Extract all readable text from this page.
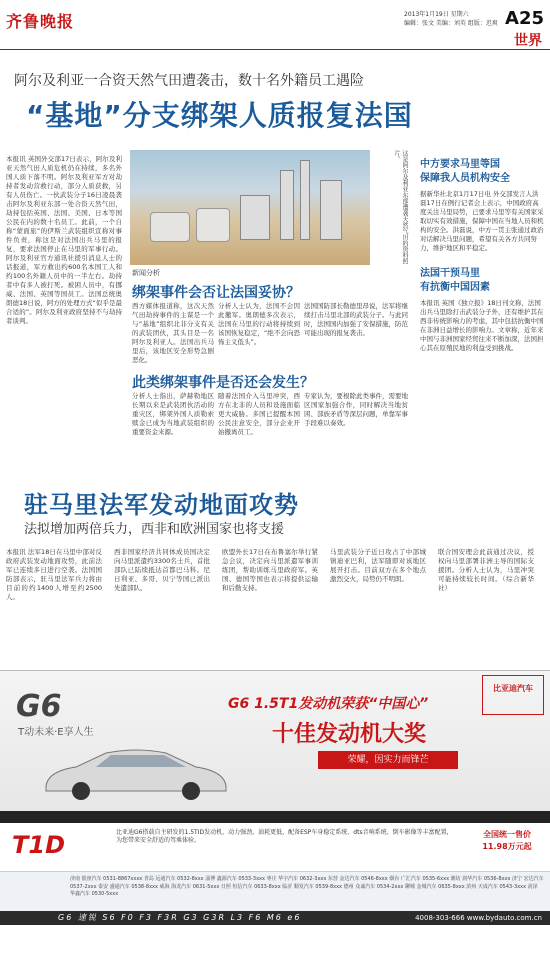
齐鲁晚报	2013年1月19日 星期六
编辑：张文 美编：刘英 组版：迟爽 A25
世界
阿尔及利亚一合资天然气田遭袭击，数十名外籍员工遇险
“基地”分支绑架人质报复法国
本报讯 英国外交部17日表示，阿尔及利亚天然气田人质危机仍在持续，多名外国人质下落不明。阿尔及利亚军方对劫持者发动营救行动，部分人质获救，另有人员伤亡。一伙武装分子16日凌晨袭击阿尔及利亚东部一处合资天然气田，劫持包括英国、法国、美国、日本等国公民在内的数十名员工。此前，一个自称“蒙面旅”的伊斯兰武装组织宣称对事件负责，称这是对法国出兵马里的报复，要求法国停止在马里的军事行动。阿尔及利亚官方通讯社援引消息人士的话报道，军方救出约600名本国工人和约100名外籍人员中的一半左右。劫持者中有多人被打死。被困人员中，有挪威、法国、英国等国员工。法国总统奥朗德18日说，阿方的处理方式“似乎是最合适的”。阿尔及利亚政府坚持不与劫持者谈判。
这是阿尔及利亚东部遭袭天然气田的资料照片。
新闻分析
绑架事件会否让法国妥协？
西方媒体报道称，这次天然气田劫持事件的主谋是一个与“基地”组织北非分支有关的武装团伙，其头目是一名阿尔及利亚人。法国出兵马里后，该地区安全形势急剧恶化。
分析人士认为，法国不会因此撤军。奥朗德多次表示，法国在马里的行动将持续到该国恢复稳定，“绝不会向恐怖主义低头”。
法国国防部长勒德里昂说，法军将继续打击马里北部的武装分子。与此同时，法国国内加强了安保措施，防范可能出现的报复袭击。
此类绑架事件是否还会发生？
分析人士指出，萨赫勒地区长期以来是武装团伙活动的重灾区，绑架外国人质勒索赎金已成为当地武装组织的重要资金来源。
随着法国介入马里冲突，西方在北非的人员和设施面临更大威胁。多国已提醒本国公民注意安全，部分企业开始撤离员工。
专家认为，要根除此类事件，需要地区国家加强合作，同时解决当地贫困、部族矛盾等深层问题，单靠军事手段难以奏效。
中方要求马里等国
保障我人员机构安全
据新华社北京1月17日电 外交部发言人洪磊17日在例行记者会上表示，中国政府高度关注马里局势，已要求马里等有关国家采取切实有效措施，保障中国在当地人员和机构的安全。洪磊说，中方一贯主张通过政治对话解决马里问题，希望有关各方共同努力，维护地区和平稳定。
法国干预马里
有抗衡中国因素
本报讯 英国《独立报》18日刊文称，法国出兵马里除打击武装分子外，还有维护其在西非传统影响力的考虑，其中包括抗衡中国在非洲日益增长的影响力。文章称，近年来中国与非洲国家经贸往来不断加深，法国担心其在原殖民地的利益受到挑战。
驻马里法军发动地面攻势
法拟增加两倍兵力，西非和欧洲国家也将支援
本报讯 法军18日在马里中部对反政府武装发动地面攻势，此前法军已连续多日进行空袭。法国国防部表示，驻马里法军兵力将由目前的约1400人增至约2500人。
西非国家经济共同体成员国决定向马里派遣约3300名士兵，首批部队已陆续抵达首都巴马科。尼日利亚、多哥、贝宁等国已派出先遣部队。
欧盟外长17日在布鲁塞尔举行紧急会议，决定向马里派遣军事训练团，帮助训练马里政府军。英国、德国等国也表示将提供运输和后勤支持。
马里武装分子近日攻占了中部城镇迪亚巴利，法军随即对该地区展开打击。目前双方在多个地点激烈交火，局势仍不明朗。
联合国安理会此前通过决议，授权向马里部署非洲主导的国际支援团。分析人士认为，马里冲突可能持续较长时间。（综合新华社）
G6
T动未来·E享人生
G6 1.5T1发动机荣获“中国心”
十佳发动机大奖
荣耀，因实力而锋芒
比亚迪汽车
G6全系标配 ESP dts	天窗 | 倒车雷达 | 电子手刹 | 自动大灯 | 无钥匙启动
T1D	比亚迪G6搭载自主研发的1.5TID发动机，动力强劲，油耗更低，配备ESP车身稳定系统、dts音响系统、倒车影像等丰富配置，为您带来安全舒适的驾乘体验。
全国统一售价
11.98万元起
济南 银座汽车 0531-8867xxxx 青岛 远通汽车 0532-8xxx 淄博 鑫源汽车 0533-3xxx 枣庄 华宇汽车 0632-3xxx 东营 金达汽车 0546-8xxx 烟台 广汇汽车 0535-6xxx 潍坊 润华汽车 0536-8xxx 济宁 宏达汽车 0537-2xxx 泰安 盛通汽车 0538-8xxx 威海 海龙汽车 0631-5xxx 日照 恒信汽车 0633-8xxx 临沂 顺发汽车 0539-8xxx 德州 众诚汽车 0534-2xxx 聊城 金城汽车 0635-8xxx 滨州 天成汽车 0543-3xxx 菏泽 华鑫汽车 0530-5xxx
G6 速锐 S6 F0 F3 F3R G3 G3R L3 F6 M6 e6	4008-303-666 www.bydauto.com.cn
